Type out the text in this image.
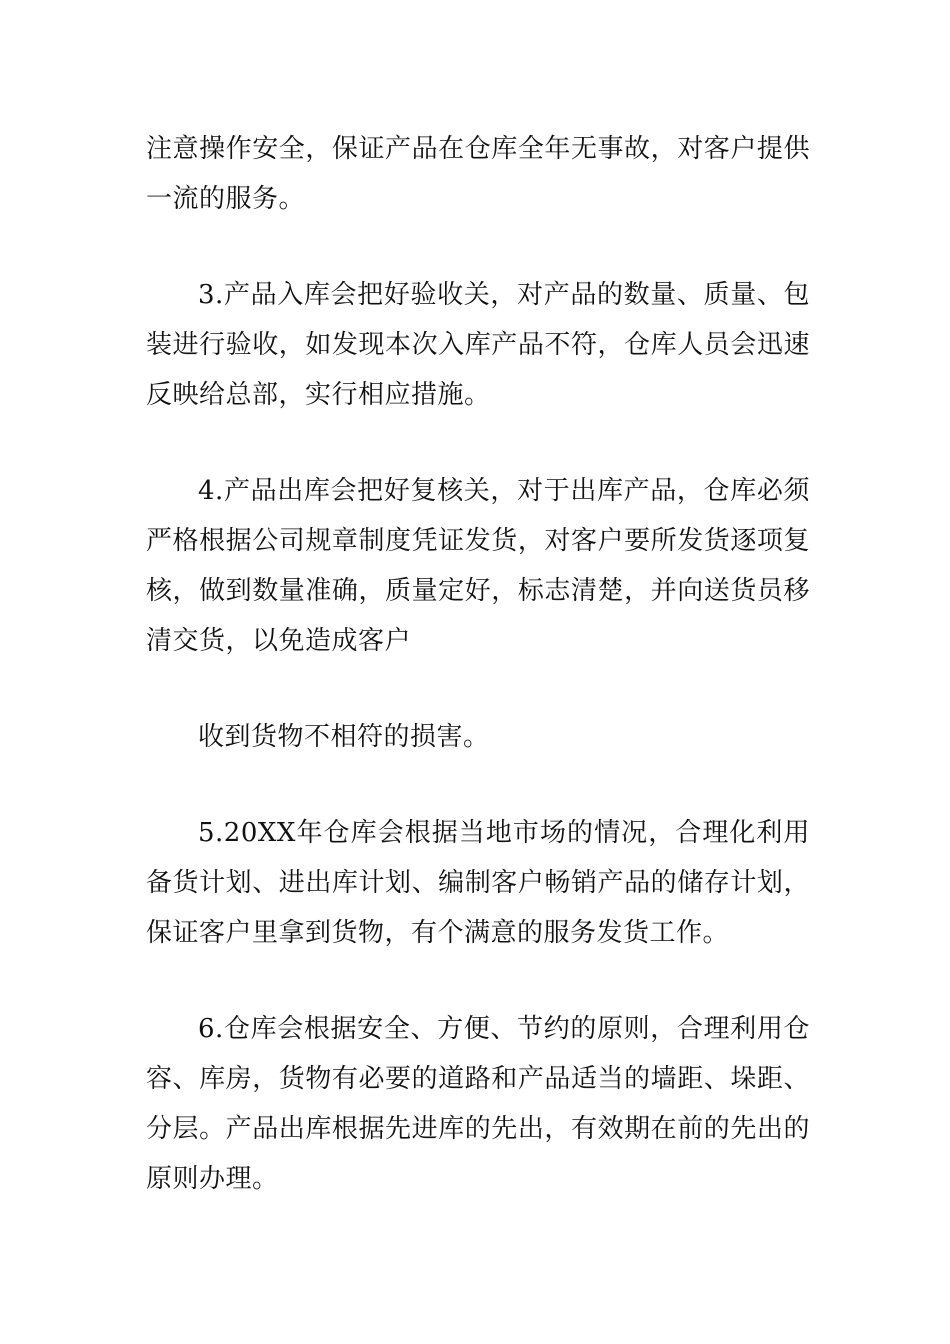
注意操作安全，保证产品在仓库全年无事故，对客户提供一流的服务。

3.产品入库会把好验收关，对产品的数量、质量、包装进行验收，如发现本次入库产品不符，仓库人员会迅速反映给总部，实行相应措施。

4.产品出库会把好复核关，对于出库产品，仓库必须严格根据公司规章制度凭证发货，对客户要所发货逐项复核，做到数量准确，质量定好，标志清楚，并向送货员移清交货，以免造成客户

收到货物不相符的损害。

5.20XX年仓库会根据当地市场的情况，合理化利用备货计划、进出库计划、编制客户畅销产品的储存计划，保证客户里拿到货物，有个满意的服务发货工作。

6.仓库会根据安全、方便、节约的原则，合理利用仓容、库房，货物有必要的道路和产品适当的墙距、垛距、分层。产品出库根据先进库的先出，有效期在前的先出的原则办理。
